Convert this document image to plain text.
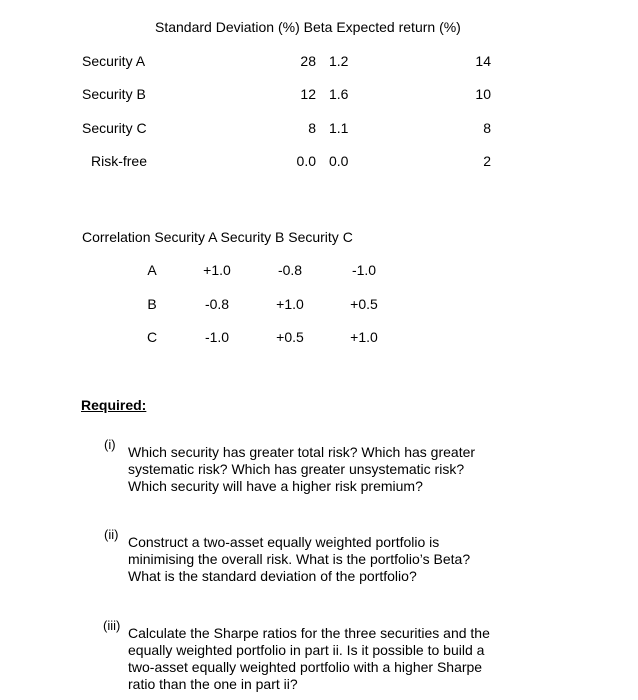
Standard Deviation (%) Beta Expected return (%)
Security A	28 1.2	14
Security B	12 1.6	10
Security C	8 1.1	8
Risk-free	0.0 0.0	2
Correlation Security A Security B Security C
A	+1.0	-0.8	-1.0
B	-0.8	+1.0	+0.5
C	-1.0	+0.5	+1.0
Required:
(i) Which security has greater total risk? Which has greater
systematic risk? Which has greater unsystematic risk?
Which security will have a higher risk premium?
(ii) Construct a two-asset equally weighted portfolio is
minimising the overall risk. What is the portfolio’s Beta?
What is the standard deviation of the portfolio?
(iii) Calculate the Sharpe ratios for the three securities and the
equally weighted portfolio in part ii. Is it possible to build a
two-asset equally weighted portfolio with a higher Sharpe
ratio than the one in part ii?
